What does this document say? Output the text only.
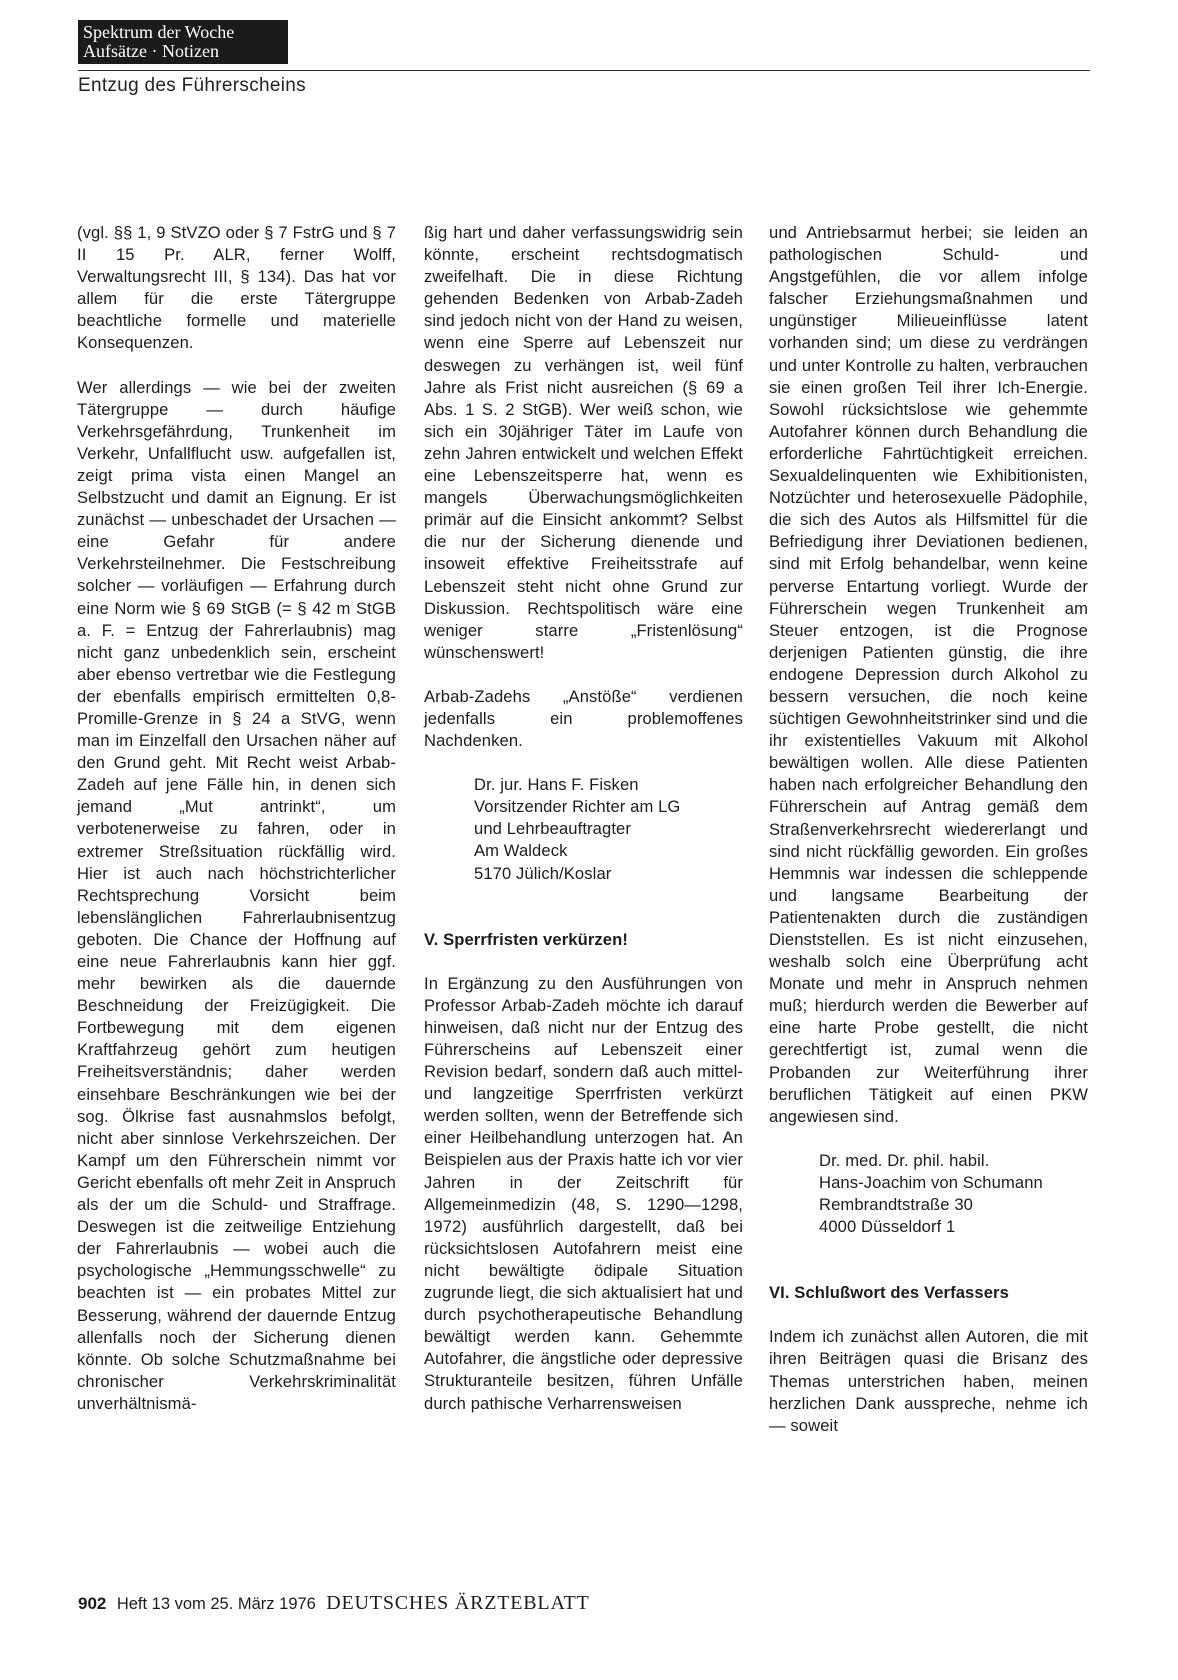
Spektrum der Woche
Aufsätze · Notizen
Entzug des Führerscheins

(vgl. §§ 1, 9 StVZO oder § 7 FstrG und § 7 II 15 Pr. ALR, ferner Wolff, Verwaltungsrecht III, § 134). Das hat vor allem für die erste Tätergruppe beachtliche formelle und materielle Konsequenzen.

Wer allerdings — wie bei der zweiten Tätergruppe — durch häufige Verkehrsgefährdung, Trunkenheit im Verkehr, Unfallflucht usw. aufgefallen ist, zeigt prima vista einen Mangel an Selbstzucht und damit an Eignung. Er ist zunächst — unbeschadet der Ursachen — eine Gefahr für andere Verkehrsteilnehmer. Die Festschreibung solcher — vorläufigen — Erfahrung durch eine Norm wie § 69 StGB (= § 42 m StGB a. F. = Entzug der Fahrerlaubnis) mag nicht ganz unbedenklich sein, erscheint aber ebenso vertretbar wie die Festlegung der ebenfalls empirisch ermittelten 0,8-Promille-Grenze in § 24 a StVG, wenn man im Einzelfall den Ursachen näher auf den Grund geht. Mit Recht weist Arbab-Zadeh auf jene Fälle hin, in denen sich jemand „Mut antrinkt“, um verbotenerweise zu fahren, oder in extremer Streßsituation rückfällig wird. Hier ist auch nach höchstrichterlicher Rechtsprechung Vorsicht beim lebenslänglichen Fahrerlaubnisentzug geboten. Die Chance der Hoffnung auf eine neue Fahrerlaubnis kann hier ggf. mehr bewirken als die dauernde Beschneidung der Freizügigkeit. Die Fortbewegung mit dem eigenen Kraftfahrzeug gehört zum heutigen Freiheitsverständnis; daher werden einsehbare Beschränkungen wie bei der sog. Ölkrise fast ausnahmslos befolgt, nicht aber sinnlose Verkehrszeichen. Der Kampf um den Führerschein nimmt vor Gericht ebenfalls oft mehr Zeit in Anspruch als der um die Schuld- und Straffrage. Deswegen ist die zeitweilige Entziehung der Fahrerlaubnis — wobei auch die psychologische „Hemmungsschwelle“ zu beachten ist — ein probates Mittel zur Besserung, während der dauernde Entzug allenfalls noch der Sicherung dienen könnte. Ob solche Schutzmaßnahme bei chronischer Verkehrskriminalität unverhältnismä-

ßig hart und daher verfassungswidrig sein könnte, erscheint rechtsdogmatisch zweifelhaft. Die in diese Richtung gehenden Bedenken von Arbab-Zadeh sind jedoch nicht von der Hand zu weisen, wenn eine Sperre auf Lebenszeit nur deswegen zu verhängen ist, weil fünf Jahre als Frist nicht ausreichen (§ 69 a Abs. 1 S. 2 StGB). Wer weiß schon, wie sich ein 30jähriger Täter im Laufe von zehn Jahren entwickelt und welchen Effekt eine Lebenszeitsperre hat, wenn es mangels Überwachungsmöglichkeiten primär auf die Einsicht ankommt? Selbst die nur der Sicherung dienende und insoweit effektive Freiheitsstrafe auf Lebenszeit steht nicht ohne Grund zur Diskussion. Rechtspolitisch wäre eine weniger starre „Fristenlösung“ wünschenswert!

Arbab-Zadehs „Anstöße“ verdienen jedenfalls ein problemoffenes Nachdenken.

Dr. jur. Hans F. Fisken
Vorsitzender Richter am LG
und Lehrbeauftragter
Am Waldeck
5170 Jülich/Koslar

V. Sperrfristen verkürzen!

In Ergänzung zu den Ausführungen von Professor Arbab-Zadeh möchte ich darauf hinweisen, daß nicht nur der Entzug des Führerscheins auf Lebenszeit einer Revision bedarf, sondern daß auch mittel- und langzeitige Sperrfristen verkürzt werden sollten, wenn der Betreffende sich einer Heilbehandlung unterzogen hat. An Beispielen aus der Praxis hatte ich vor vier Jahren in der Zeitschrift für Allgemeinmedizin (48, S. 1290—1298, 1972) ausführlich dargestellt, daß bei rücksichtslosen Autofahrern meist eine nicht bewältigte ödipale Situation zugrunde liegt, die sich aktualisiert hat und durch psychotherapeutische Behandlung bewältigt werden kann. Gehemmte Autofahrer, die ängstliche oder depressive Strukturanteile besitzen, führen Unfälle durch pathische Verharrensweisen

und Antriebsarmut herbei; sie leiden an pathologischen Schuld- und Angstgefühlen, die vor allem infolge falscher Erziehungsmaßnahmen und ungünstiger Milieueinflüsse latent vorhanden sind; um diese zu verdrängen und unter Kontrolle zu halten, verbrauchen sie einen großen Teil ihrer Ich-Energie. Sowohl rücksichtslose wie gehemmte Autofahrer können durch Behandlung die erforderliche Fahrtüchtigkeit erreichen. Sexualdelinquenten wie Exhibitionisten, Notzüchter und heterosexuelle Pädophile, die sich des Autos als Hilfsmittel für die Befriedigung ihrer Deviationen bedienen, sind mit Erfolg behandelbar, wenn keine perverse Entartung vorliegt. Wurde der Führerschein wegen Trunkenheit am Steuer entzogen, ist die Prognose derjenigen Patienten günstig, die ihre endogene Depression durch Alkohol zu bessern versuchen, die noch keine süchtigen Gewohnheitstrinker sind und die ihr existentielles Vakuum mit Alkohol bewältigen wollen. Alle diese Patienten haben nach erfolgreicher Behandlung den Führerschein auf Antrag gemäß dem Straßenverkehrsrecht wiedererlangt und sind nicht rückfällig geworden. Ein großes Hemmnis war indessen die schleppende und langsame Bearbeitung der Patientenakten durch die zuständigen Dienststellen. Es ist nicht einzusehen, weshalb solch eine Überprüfung acht Monate und mehr in Anspruch nehmen muß; hierdurch werden die Bewerber auf eine harte Probe gestellt, die nicht gerechtfertigt ist, zumal wenn die Probanden zur Weiterführung ihrer beruflichen Tätigkeit auf einen PKW angewiesen sind.

Dr. med. Dr. phil. habil.
Hans-Joachim von Schumann
Rembrandtstraße 30
4000 Düsseldorf 1

VI. Schlußwort des Verfassers

Indem ich zunächst allen Autoren, die mit ihren Beiträgen quasi die Brisanz des Themas unterstrichen haben, meinen herzlichen Dank ausspreche, nehme ich — soweit

902 Heft 13 vom 25. März 1976 DEUTSCHES ÄRZTEBLATT
